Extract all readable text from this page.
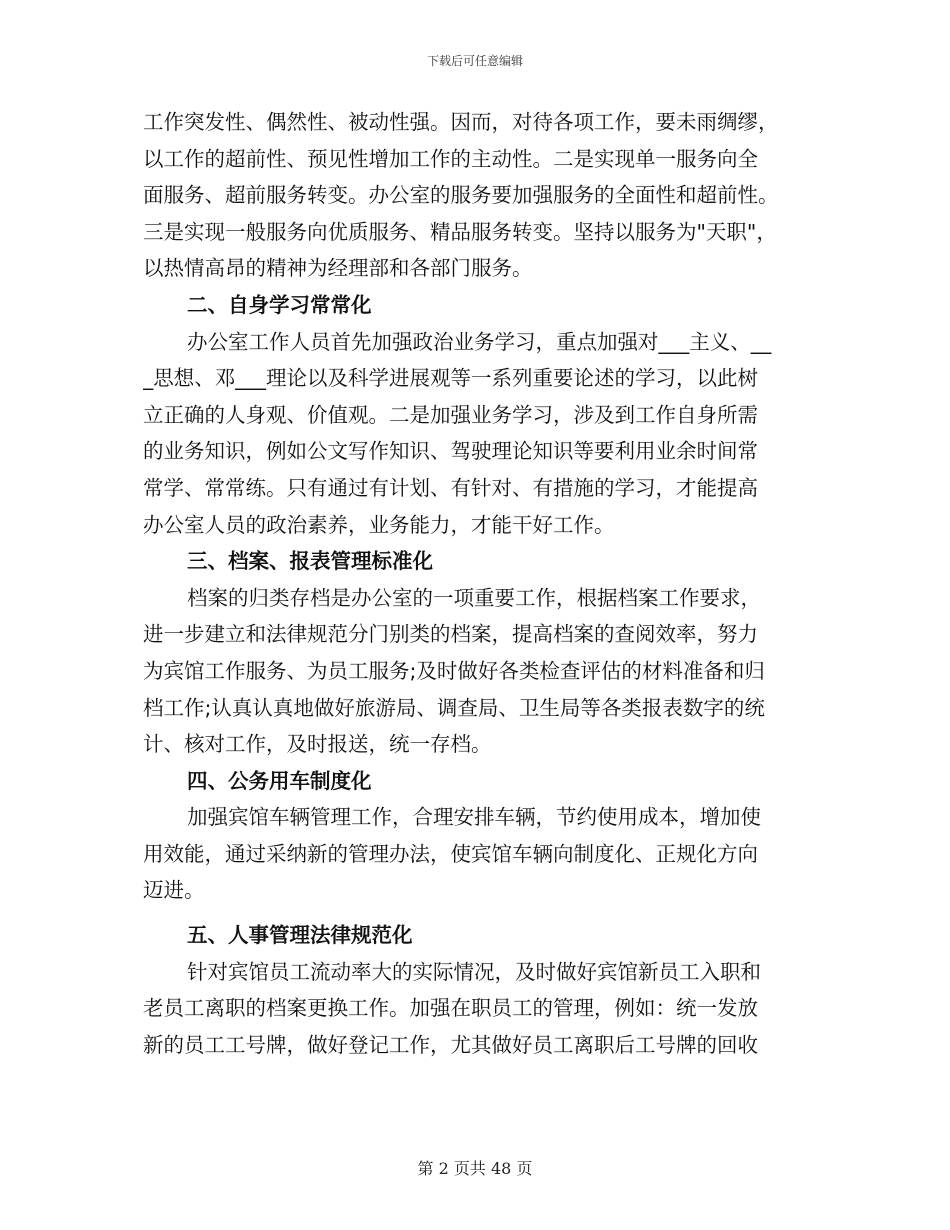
下载后可任意编辑
工作突发性、偶然性、被动性强。因而，对待各项工作，要未雨绸缪，
以工作的超前性、预见性增加工作的主动性。二是实现单一服务向全
面服务、超前服务转变。办公室的服务要加强服务的全面性和超前性。
三是实现一般服务向优质服务、精品服务转变。坚持以服务为"天职"，
以热情高昂的精神为经理部和各部门服务。
二、自身学习常常化
办公室工作人员首先加强政治业务学习，重点加强对___主义、__
_思想、邓___理论以及科学进展观等一系列重要论述的学习，以此树
立正确的人身观、价值观。二是加强业务学习，涉及到工作自身所需
的业务知识，例如公文写作知识、驾驶理论知识等要利用业余时间常
常学、常常练。只有通过有计划、有针对、有措施的学习，才能提高
办公室人员的政治素养，业务能力，才能干好工作。
三、档案、报表管理标准化
档案的归类存档是办公室的一项重要工作，根据档案工作要求，
进一步建立和法律规范分门别类的档案，提高档案的查阅效率，努力
为宾馆工作服务、为员工服务;及时做好各类检查评估的材料准备和归
档工作;认真认真地做好旅游局、调查局、卫生局等各类报表数字的统
计、核对工作，及时报送，统一存档。
四、公务用车制度化
加强宾馆车辆管理工作，合理安排车辆，节约使用成本，增加使
用效能，通过采纳新的管理办法，使宾馆车辆向制度化、正规化方向
迈进。
五、人事管理法律规范化
针对宾馆员工流动率大的实际情况，及时做好宾馆新员工入职和
老员工离职的档案更换工作。加强在职员工的管理，例如：统一发放
新的员工工号牌，做好登记工作，尤其做好员工离职后工号牌的回收
第 2 页共 48 页
